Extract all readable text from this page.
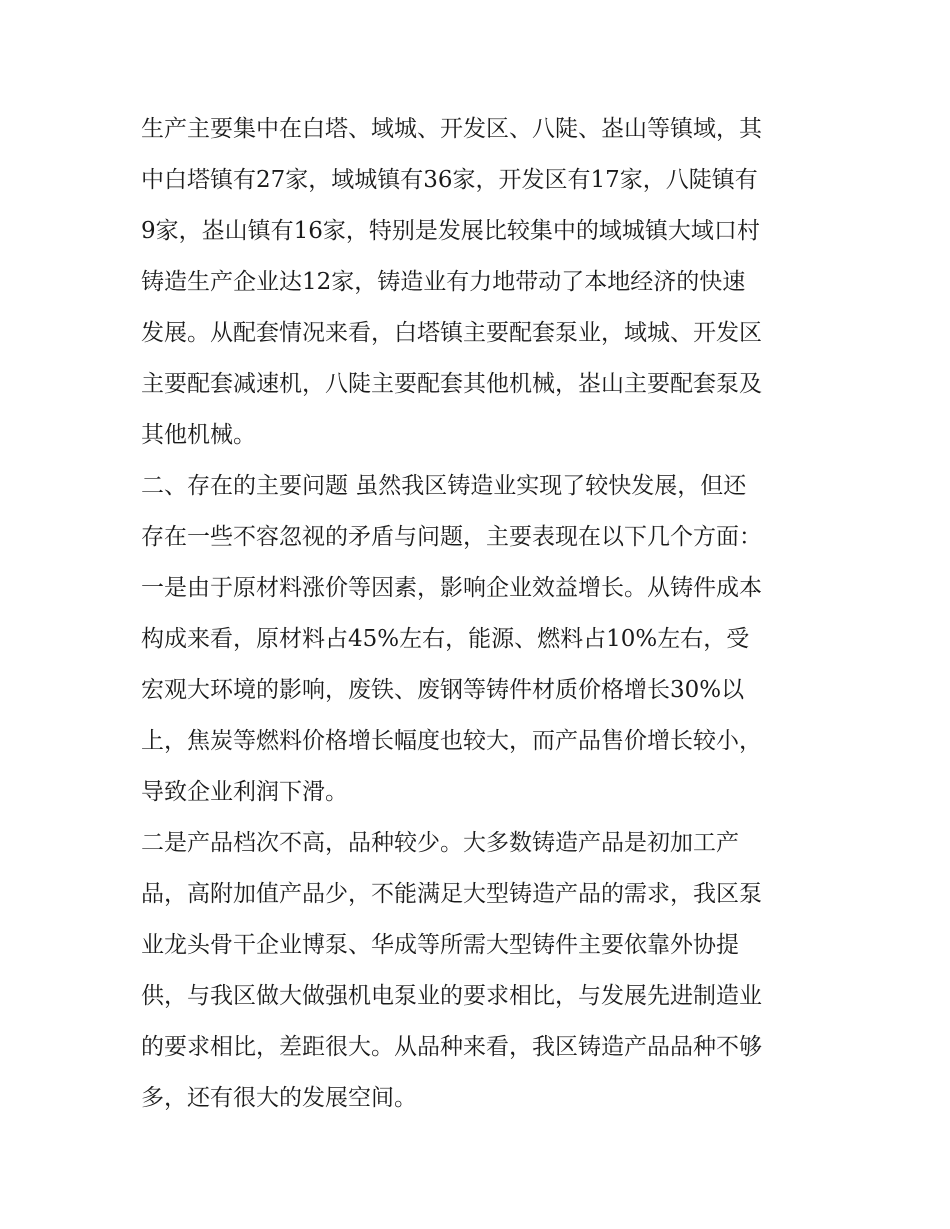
生产主要集中在白塔、域城、开发区、八陡、峜山等镇域，其
中白塔镇有27家，域城镇有36家，开发区有17家，八陡镇有
9家，峜山镇有16家，特别是发展比较集中的域城镇大域口村
铸造生产企业达12家，铸造业有力地带动了本地经济的快速
发展。从配套情况来看，白塔镇主要配套泵业，域城、开发区
主要配套减速机，八陡主要配套其他机械，峜山主要配套泵及
其他机械。
二、存在的主要问题 虽然我区铸造业实现了较快发展，但还
存在一些不容忽视的矛盾与问题，主要表现在以下几个方面：
一是由于原材料涨价等因素，影响企业效益增长。从铸件成本
构成来看，原材料占45%左右，能源、燃料占10%左右，受
宏观大环境的影响，废铁、废钢等铸件材质价格增长30%以
上，焦炭等燃料价格增长幅度也较大，而产品售价增长较小，
导致企业利润下滑。
二是产品档次不高，品种较少。大多数铸造产品是初加工产
品，高附加值产品少，不能满足大型铸造产品的需求，我区泵
业龙头骨干企业博泵、华成等所需大型铸件主要依靠外协提
供，与我区做大做强机电泵业的要求相比，与发展先进制造业
的要求相比，差距很大。从品种来看，我区铸造产品品种不够
多，还有很大的发展空间。
